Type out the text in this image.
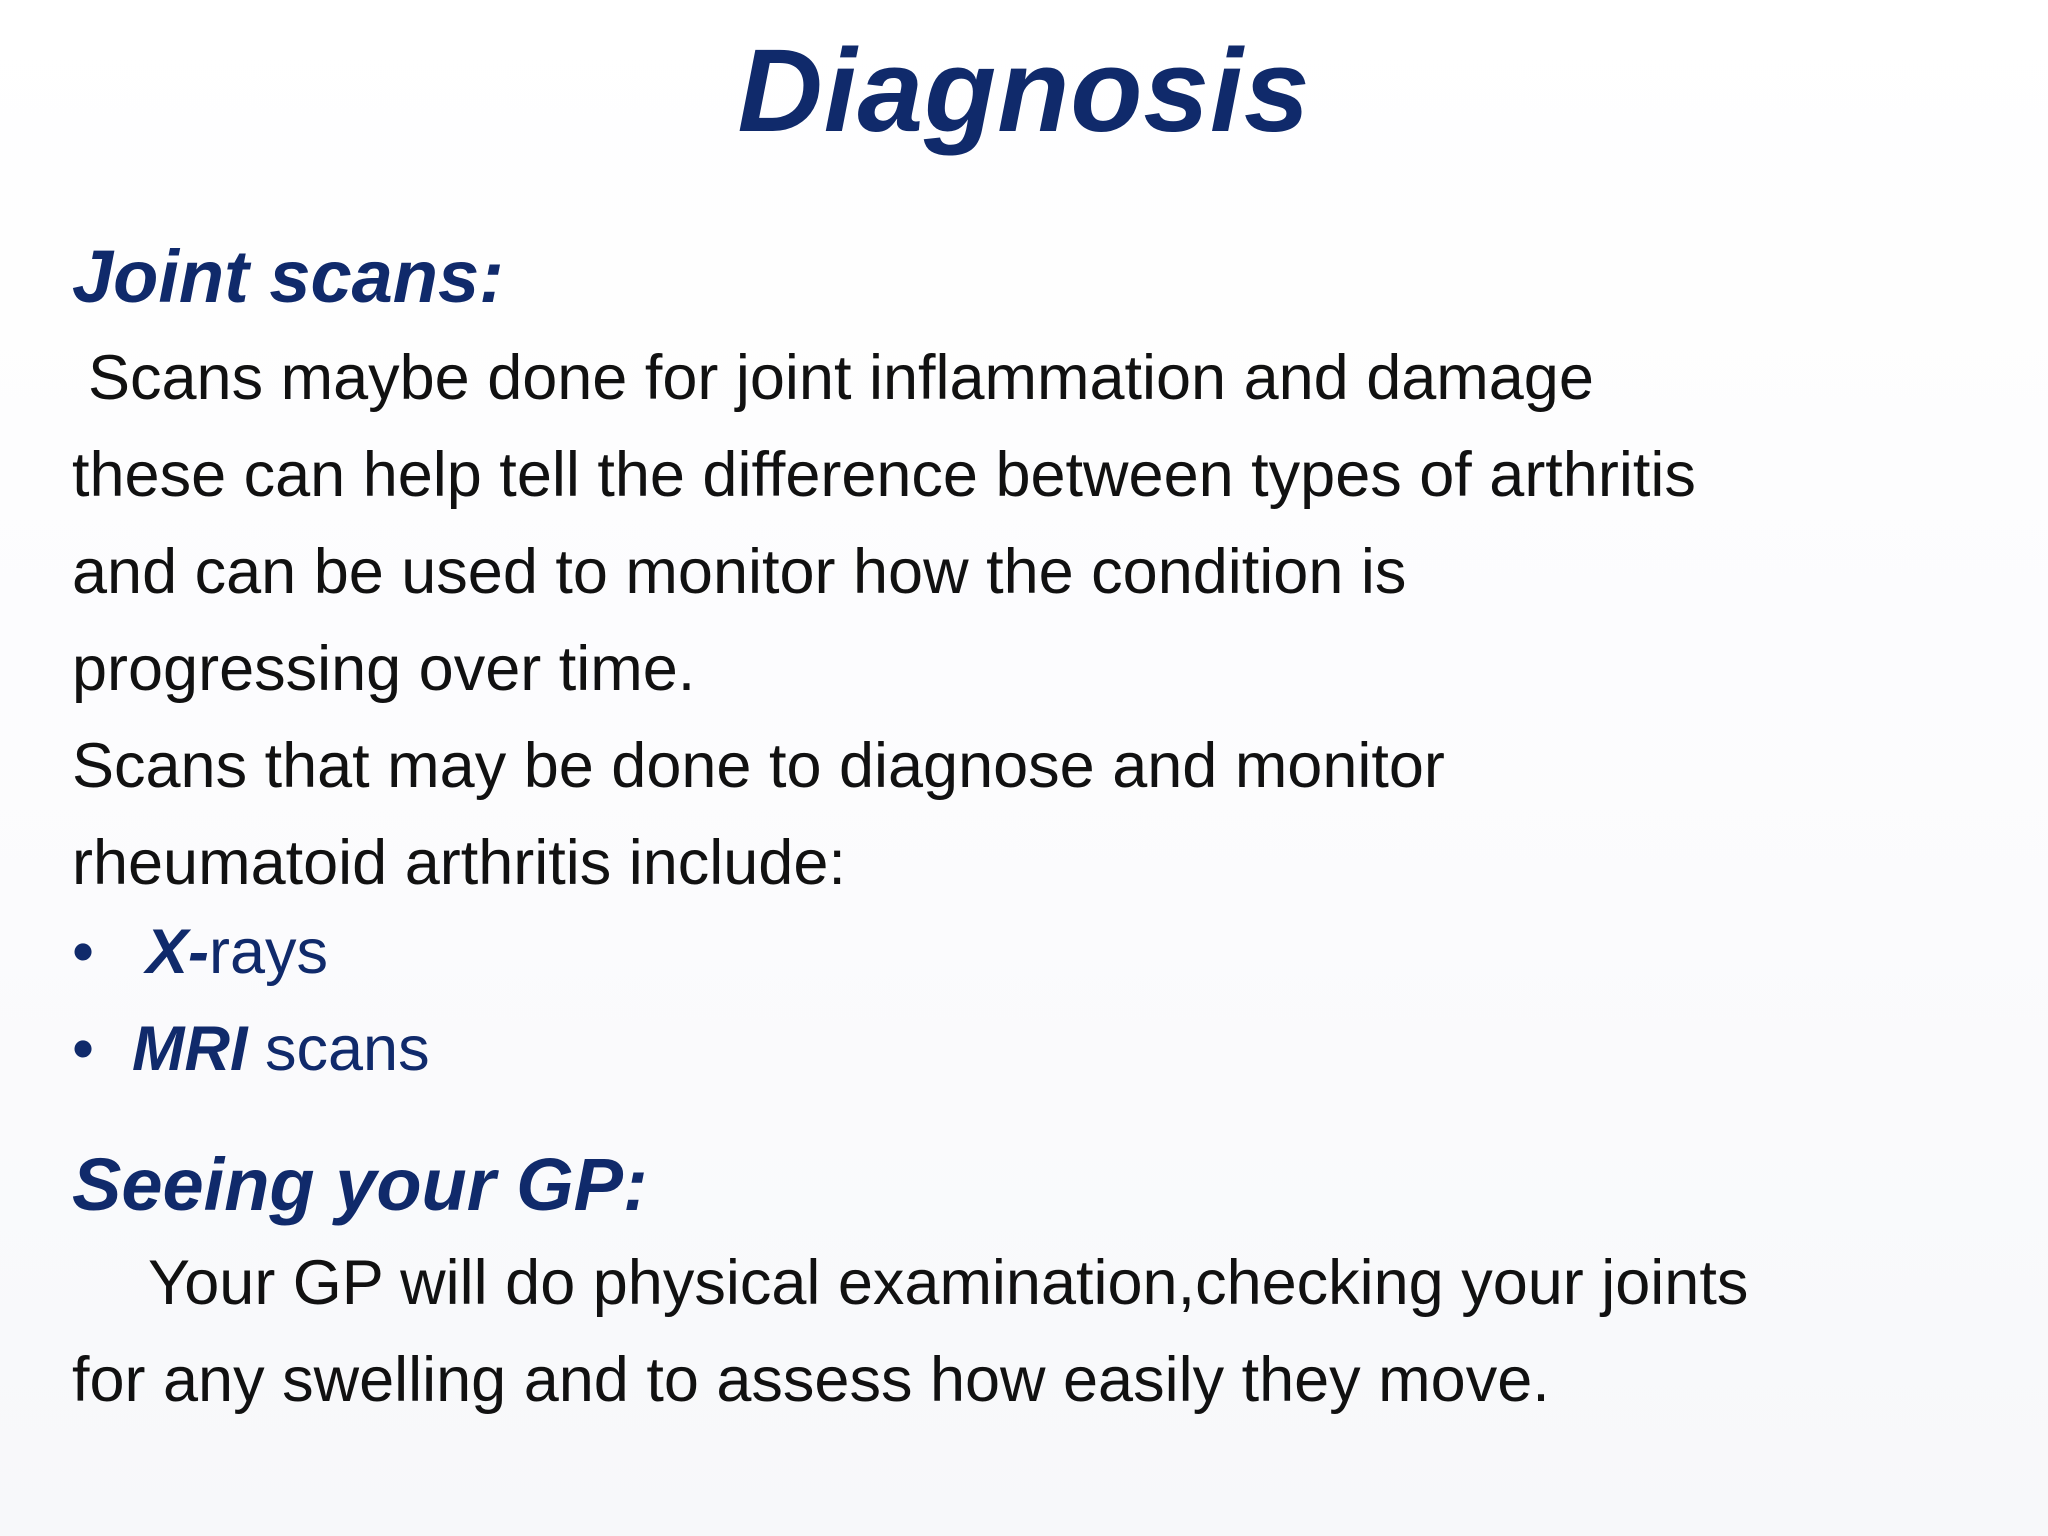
Diagnosis
Joint scans:
Scans maybe done for joint inflammation and damage
these can help tell the difference between types of arthritis
and can be used to monitor how the condition is
progressing over time.
Scans that may be done to diagnose and monitor
rheumatoid arthritis include:
• X-rays
• MRI scans
Seeing your GP:
Your GP will do physical examination,checking your joints
for any swelling and to assess how easily they move.
